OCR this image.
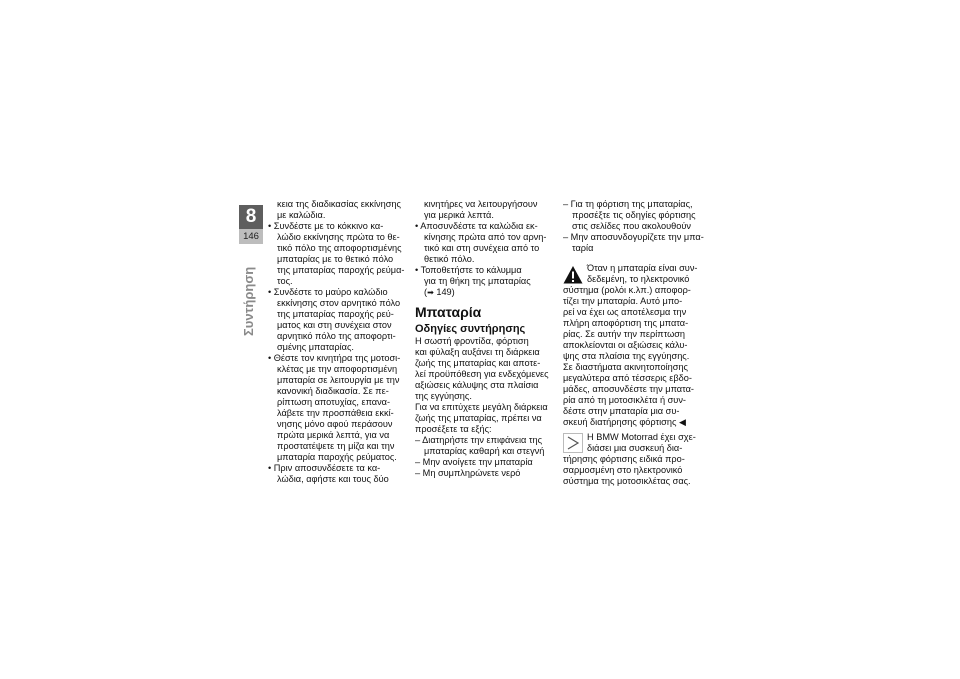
8
146
Συντήρηση
κεια της διαδικασίας εκκίνησης
με καλώδια.
• Συνδέστε με το κόκκινο κα-
λώδιο εκκίνησης πρώτα το θε-
τικό πόλο της αποφορτισμένης
μπαταρίας με το θετικό πόλο
της μπαταρίας παροχής ρεύμα-
τος.
• Συνδέστε το μαύρο καλώδιο
εκκίνησης στον αρνητικό πόλο
της μπαταρίας παροχής ρεύ-
ματος και στη συνέχεια στον
αρνητικό πόλο της αποφορτι-
σμένης μπαταρίας.
• Θέστε τον κινητήρα της μοτοσι-
κλέτας με την αποφορτισμένη
μπαταρία σε λειτουργία με την
κανονική διαδικασία. Σε πε-
ρίπτωση αποτυχίας, επανα-
λάβετε την προσπάθεια εκκί-
νησης μόνο αφού περάσουν
πρώτα μερικά λεπτά, για να
προστατέψετε τη μίζα και την
μπαταρία παροχής ρεύματος.
• Πριν αποσυνδέσετε τα κα-
λώδια, αφήστε και τους δύο
κινητήρες να λειτουργήσουν
για μερικά λεπτά.
• Αποσυνδέστε τα καλώδια εκ-
κίνησης πρώτα από τον αρνη-
τικό και στη συνέχεια από το
θετικό πόλο.
• Τοποθετήστε το κάλυμμα
για τη θήκη της μπαταρίας
(➡ 149)
Μπαταρία
Οδηγίες συντήρησης
Η σωστή φροντίδα, φόρτιση
και φύλαξη αυξάνει τη διάρκεια
ζωής της μπαταρίας και αποτε-
λεί προϋπόθεση για ενδεχόμενες
αξιώσεις κάλυψης στα πλαίσια
της εγγύησης.
Για να επιτύχετε μεγάλη διάρκεια
ζωής της μπαταρίας, πρέπει να
προσέξετε τα εξής:
– Διατηρήστε την επιφάνεια της
μπαταρίας καθαρή και στεγνή
– Μην ανοίγετε την μπαταρία
– Μη συμπληρώνετε νερό
– Για τη φόρτιση της μπαταρίας,
προσέξτε τις οδηγίες φόρτισης
στις σελίδες που ακολουθούν
– Μην αποσυνδογυρίζετε την μπα-
ταρία
Όταν η μπαταρία είναι συν-
δεδεμένη, το ηλεκτρονικό
σύστημα (ρολόι κ.λπ.) αποφορ-
τίζει την μπαταρία. Αυτό μπο-
ρεί να έχει ως αποτέλεσμα την
πλήρη αποφόρτιση της μπατα-
ρίας. Σε αυτήν την περίπτωση
αποκλείονται οι αξιώσεις κάλυ-
ψης στα πλαίσια της εγγύησης.
Σε διαστήματα ακινητοποίησης
μεγαλύτερα από τέσσερις εβδο-
μάδες, αποσυνδέστε την μπατα-
ρία από τη μοτοσικλέτα ή συν-
δέστε στην μπαταρία μια συ-
σκευή διατήρησης φόρτισης ◀
Η BMW Motorrad έχει σχε-
διάσει μια συσκευή δια-
τήρησης φόρτισης ειδικά προ-
σαρμοσμένη στο ηλεκτρονικό
σύστημα της μοτοσικλέτας σας.
